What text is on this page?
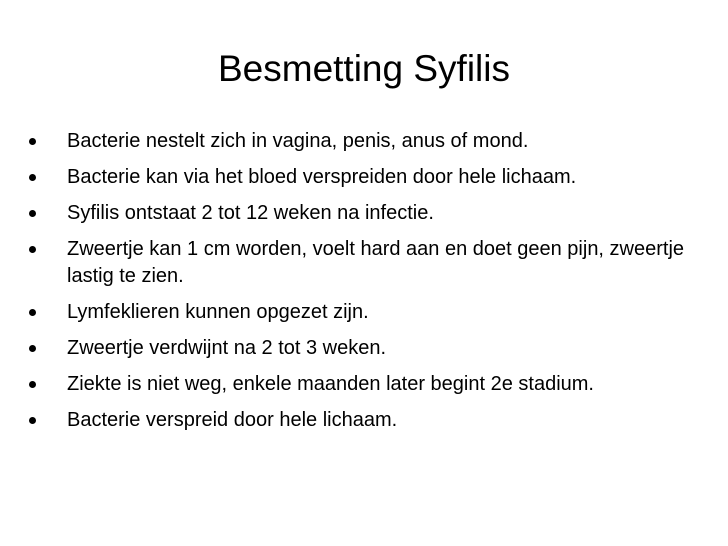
Besmetting Syfilis
Bacterie nestelt zich in vagina, penis, anus of mond.
Bacterie kan via het bloed verspreiden door hele lichaam.
Syfilis ontstaat 2 tot 12 weken na infectie.
Zweertje kan 1 cm worden, voelt hard aan en doet geen pijn, zweertje lastig te zien.
Lymfeklieren kunnen opgezet zijn.
Zweertje verdwijnt na 2 tot 3 weken.
Ziekte is niet weg, enkele maanden later begint 2e stadium.
Bacterie verspreid door hele lichaam.
